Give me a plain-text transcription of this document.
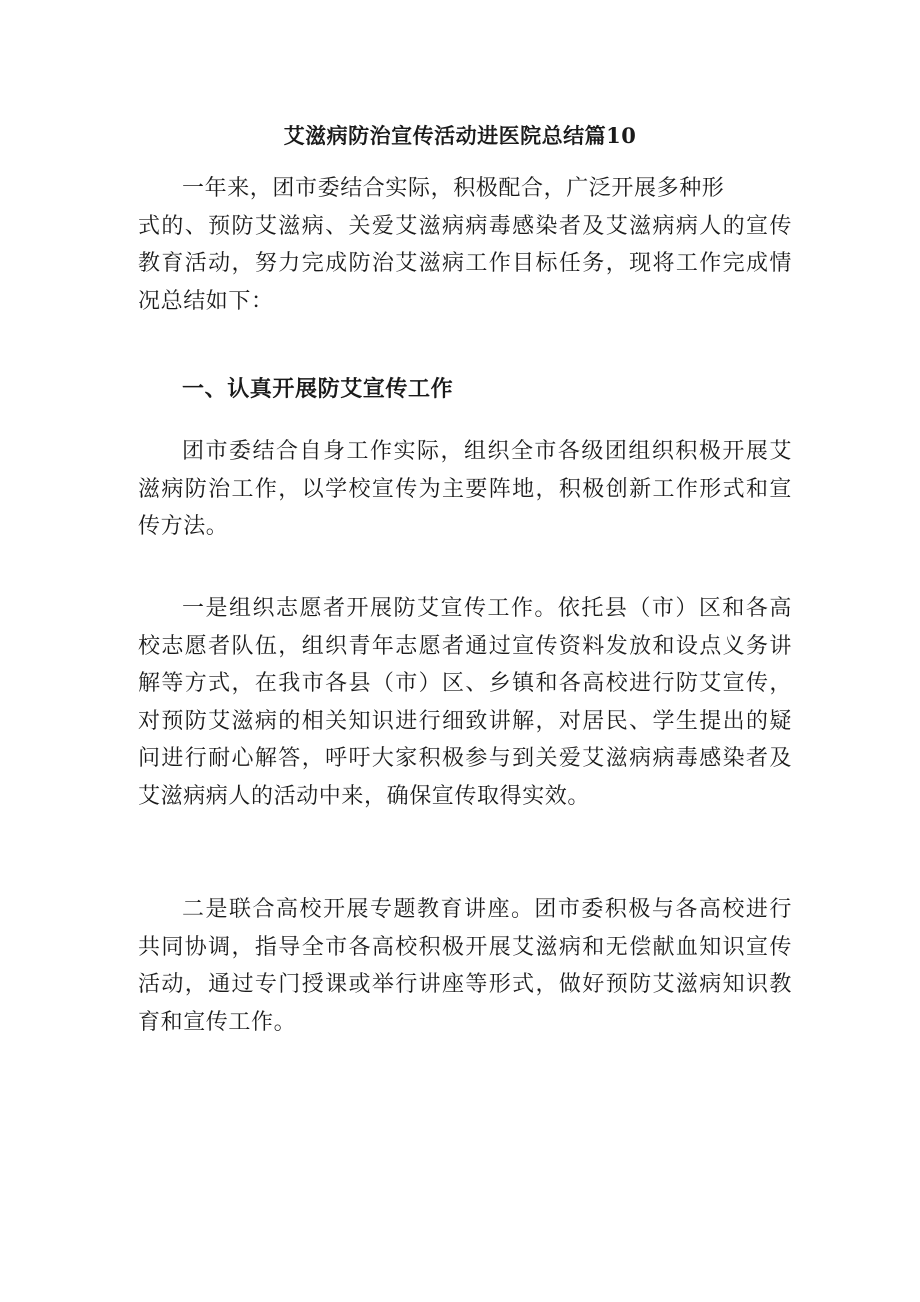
艾滋病防治宣传活动进医院总结篇10
一年来，团市委结合实际，积极配合，广泛开展多种形
式的、预防艾滋病、关爱艾滋病病毒感染者及艾滋病病人的宣传教育活动，努力完成防治艾滋病工作目标任务，现将工作完成情况总结如下：
一、认真开展防艾宣传工作

团市委结合自身工作实际，组织全市各级团组织积极开展艾滋病防治工作，以学校宣传为主要阵地，积极创新工作形式和宣传方法。

一是组织志愿者开展防艾宣传工作。依托县（市）区和各高校志愿者队伍，组织青年志愿者通过宣传资料发放和设点义务讲解等方式，在我市各县（市）区、乡镇和各高校进行防艾宣传，对预防艾滋病的相关知识进行细致讲解，对居民、学生提出的疑问进行耐心解答，呼吁大家积极参与到关爱艾滋病病毒感染者及艾滋病病人的活动中来，确保宣传取得实效。

二是联合高校开展专题教育讲座。团市委积极与各高校进行共同协调，指导全市各高校积极开展艾滋病和无偿献血知识宣传活动，通过专门授课或举行讲座等形式，做好预防艾滋病知识教育和宣传工作。
